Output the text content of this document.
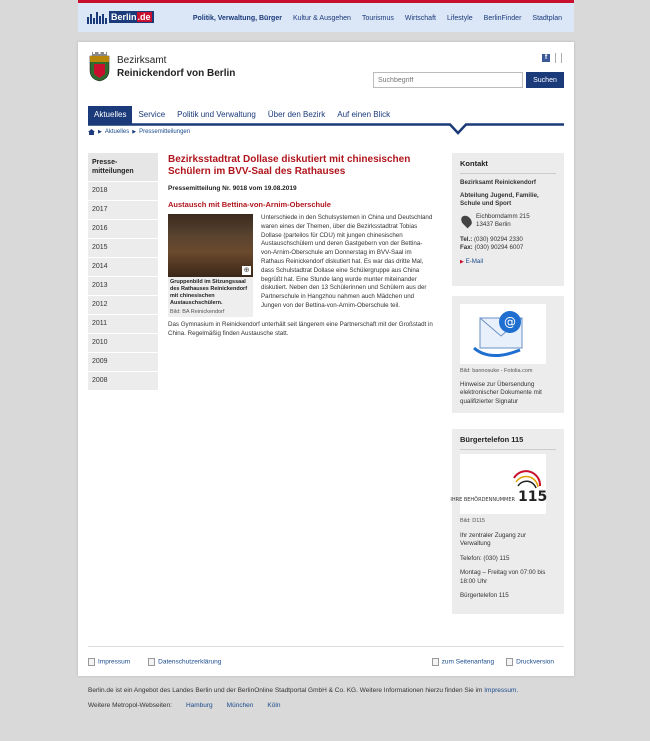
Berlin.de	Politik, Verwaltung, Bürger Kultur & Ausgehen Tourismus Wirtschaft Lifestyle BerlinFinder Stadtplan
Bezirksamt
Reinickendorf von Berlin
f
Suchbegriff
Suchen
Aktuelles	Service	Politik und Verwaltung	Über den Bezirk	Auf einen Blick
▶ Aktuelles ▶ Pressemitteilungen
Presse-
mitteilungen
2018
2017
2016
2015
2014
2013
2012
2011
2010
2009
2008
Bezirksstadtrat Dollase diskutiert mit chinesischen Schülern im BVV-Saal des Rathauses
Pressemitteilung Nr. 9018 vom 19.08.2019
Austausch mit Bettina-von-Arnim-Oberschule
⊕
Gruppenbild im Sitzungssaal des Rathauses Reinickendorf mit chinesischen Austauschschülern.
Bild: BA Reinickendorf
Unterschiede in den Schulsystemen in China und Deutschland waren eines der Themen, über die Bezirksstadtrat Tobias Dollase (parteilos für CDU) mit jungen chinesischen Austauschschülern und deren Gastgebern von der Bettina-von-Arnim-Oberschule am Donnerstag im BVV-Saal im Rathaus Reinickendorf diskutiert hat. Es war das dritte Mal, dass Schulstadtrat Dollase eine Schülergruppe aus China begrüßt hat. Eine Stunde lang wurde munter miteinander diskutiert. Neben den 13 Schülerinnen und Schülern aus der Partnerschule in Hangzhou nahmen auch Mädchen und Jungen von der Bettina-von-Arnim-Oberschule teil.
Das Gymnasium in Reinickendorf unterhält seit längerem eine Partnerschaft mit der Großstadt in China. Regelmäßig finden Austausche statt.
Kontakt
Bezirksamt Reinickendorf
Abteilung Jugend, Familie, Schule und Sport
Eichborndamm 215
13437 Berlin
Tel.: (030) 90294 2330
Fax: (030) 90294 6007
▶ E-Mail
@
Bild: bannosuke - Fotolia.com
Hinweise zur Übersendung elektronischer Dokumente mit qualifizierter Signatur
Bürgertelefon 115
IHRE BEHÖRDENNUMMER 115
Bild: D115
Ihr zentraler Zugang zur Verwaltung
Telefon: (030) 115
Montag – Freitag von 07:00 bis 18:00 Uhr
Bürgertelefon 115
Impressum	Datenschutzerklärung	zum Seitenanfang	Druckversion
Berlin.de ist ein Angebot des Landes Berlin und der BerlinOnline Stadtportal GmbH & Co. KG. Weitere Informationen hierzu finden Sie im Impressum.
Weitere Metropol-Webseiten: Hamburg München Köln
